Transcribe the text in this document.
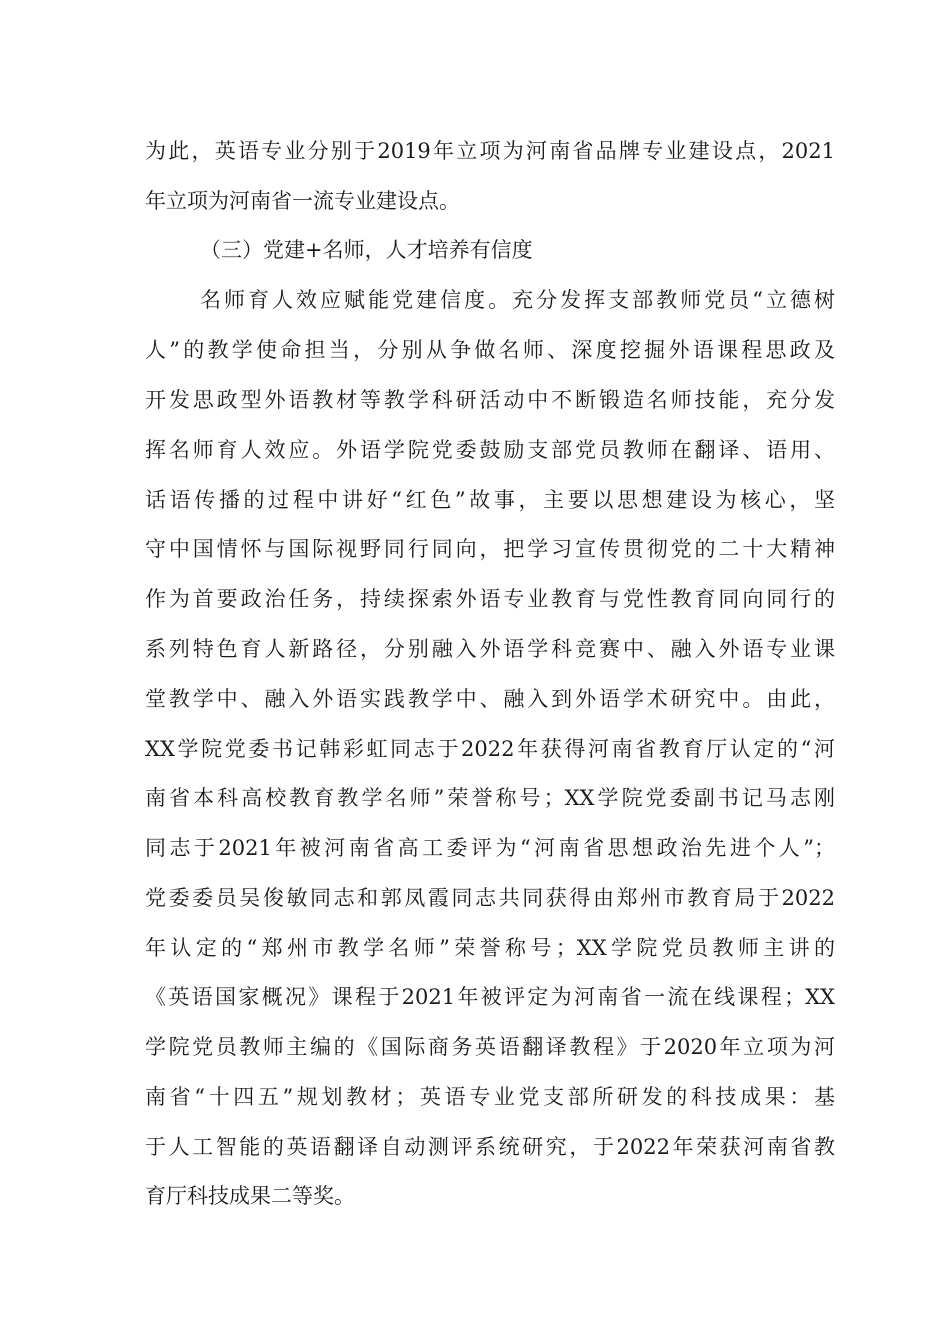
为此，英语专业分别于2019年立项为河南省品牌专业建设点，2021
年立项为河南省一流专业建设点。
（三）党建+名师，人才培养有信度
名师育人效应赋能党建信度。充分发挥支部教师党员“立德树
人”的教学使命担当，分别从争做名师、深度挖掘外语课程思政及
开发思政型外语教材等教学科研活动中不断锻造名师技能，充分发
挥名师育人效应。外语学院党委鼓励支部党员教师在翻译、语用、
话语传播的过程中讲好“红色”故事，主要以思想建设为核心，坚
守中国情怀与国际视野同行同向，把学习宣传贯彻党的二十大精神
作为首要政治任务，持续探索外语专业教育与党性教育同向同行的
系列特色育人新路径，分别融入外语学科竞赛中、融入外语专业课
堂教学中、融入外语实践教学中、融入到外语学术研究中。由此，
XX学院党委书记韩彩虹同志于2022年获得河南省教育厅认定的“河
南省本科高校教育教学名师”荣誉称号；XX学院党委副书记马志刚
同志于2021年被河南省高工委评为“河南省思想政治先进个人”；
党委委员吴俊敏同志和郭凤霞同志共同获得由郑州市教育局于2022
年认定的“郑州市教学名师”荣誉称号；XX学院党员教师主讲的
《英语国家概况》课程于2021年被评定为河南省一流在线课程；XX
学院党员教师主编的《国际商务英语翻译教程》于2020年立项为河
南省“十四五”规划教材；英语专业党支部所研发的科技成果：基
于人工智能的英语翻译自动测评系统研究，于2022年荣获河南省教
育厅科技成果二等奖。
